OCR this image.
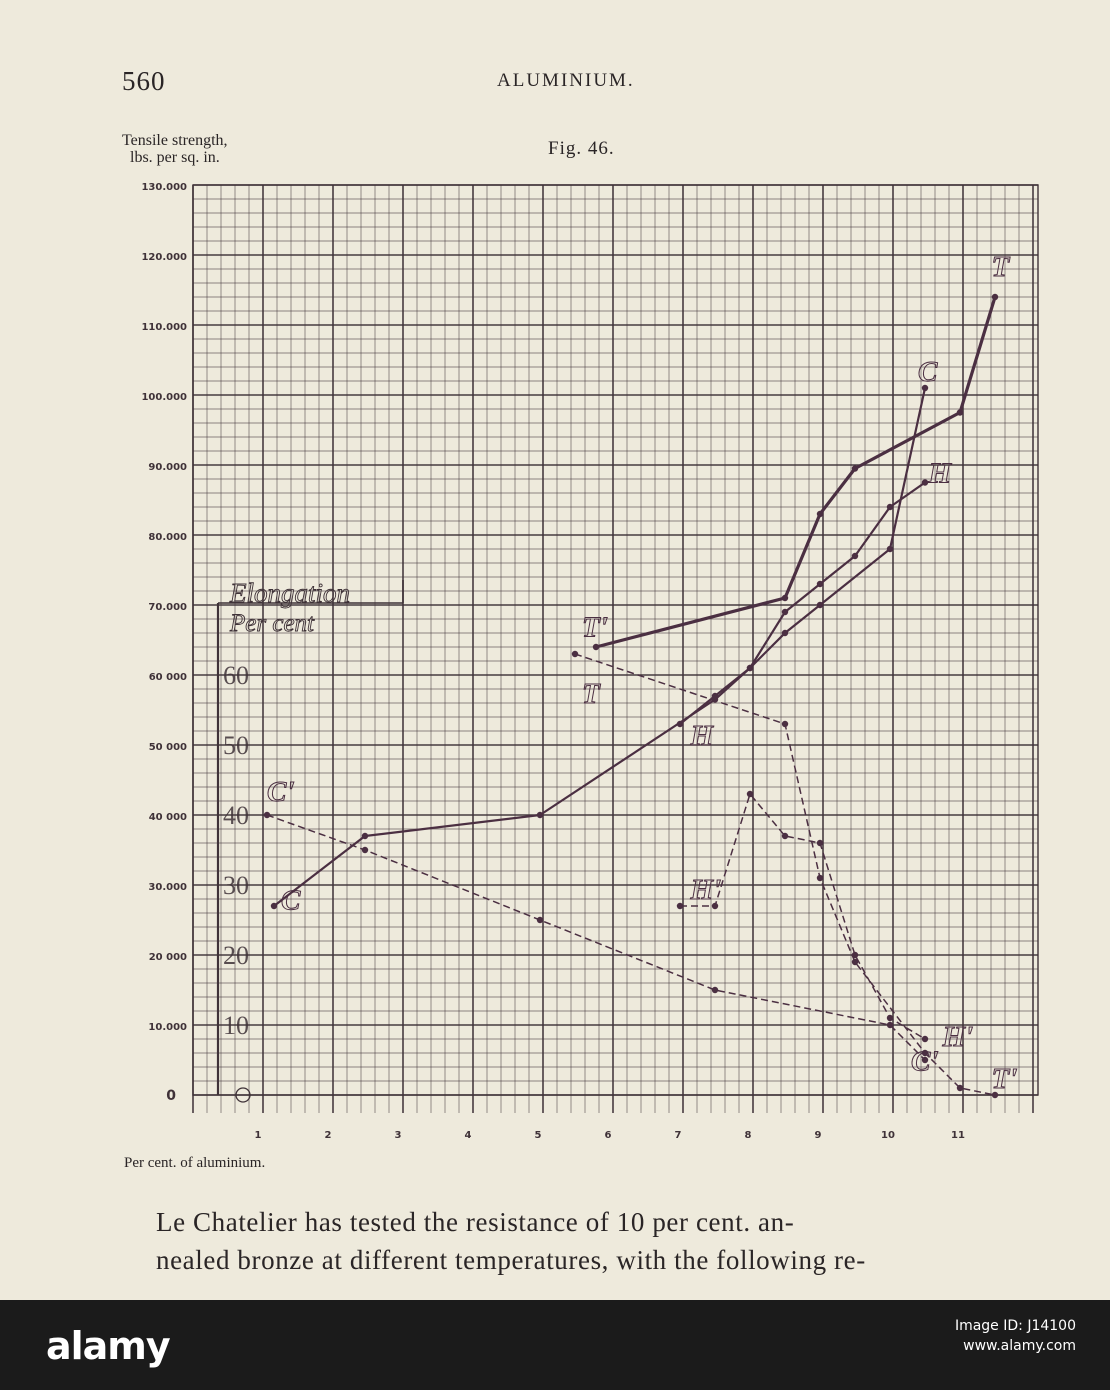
560	ALUMINIUM.
Tensile strength,
lbs. per sq. in.	Fig. 46.
0
10.000
20 000
30.000
40 000
50 000
60 000
70.000
80.000
90.000
100.000
110.000
120.000
130.000
10
20
30
40
50
60
Elongation
Per cent
1	2	3	4	5	6	7	8	9	10	11
C
H
T
C'
H'
T'
T'
T
H
C
H'
C'
Per cent. of aluminium.
Le Chatelier has tested the resistance of 10 per cent. an-
nealed bronze at different temperatures, with the following re-
alamy	Image ID: J14100
www.alamy.com
